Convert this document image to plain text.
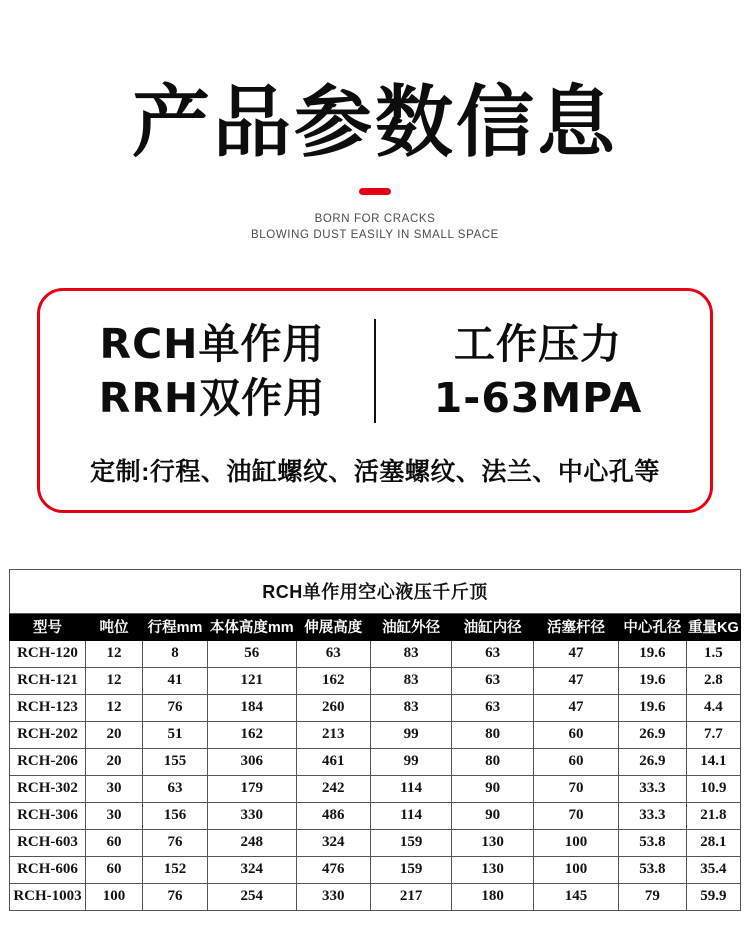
产品参数信息
BORN FOR CRACKS
BLOWING DUST EASILY IN SMALL SPACE
RCH单作用
RRH双作用
工作压力
1-63MPA
定制:行程、油缸螺纹、活塞螺纹、法兰、中心孔等
RCH单作用空心液压千斤顶									
型号	吨位	行程mm	本体高度mm	伸展高度	油缸外径	油缸内径	活塞杆径	中心孔径	重量KG
RCH-120	12	8	56	63	83	63	47	19.6	1.5
RCH-121	12	41	121	162	83	63	47	19.6	2.8
RCH-123	12	76	184	260	83	63	47	19.6	4.4
RCH-202	20	51	162	213	99	80	60	26.9	7.7
RCH-206	20	155	306	461	99	80	60	26.9	14.1
RCH-302	30	63	179	242	114	90	70	33.3	10.9
RCH-306	30	156	330	486	114	90	70	33.3	21.8
RCH-603	60	76	248	324	159	130	100	53.8	28.1
RCH-606	60	152	324	476	159	130	100	53.8	35.4
RCH-1003	100	76	254	330	217	180	145	79	59.9
